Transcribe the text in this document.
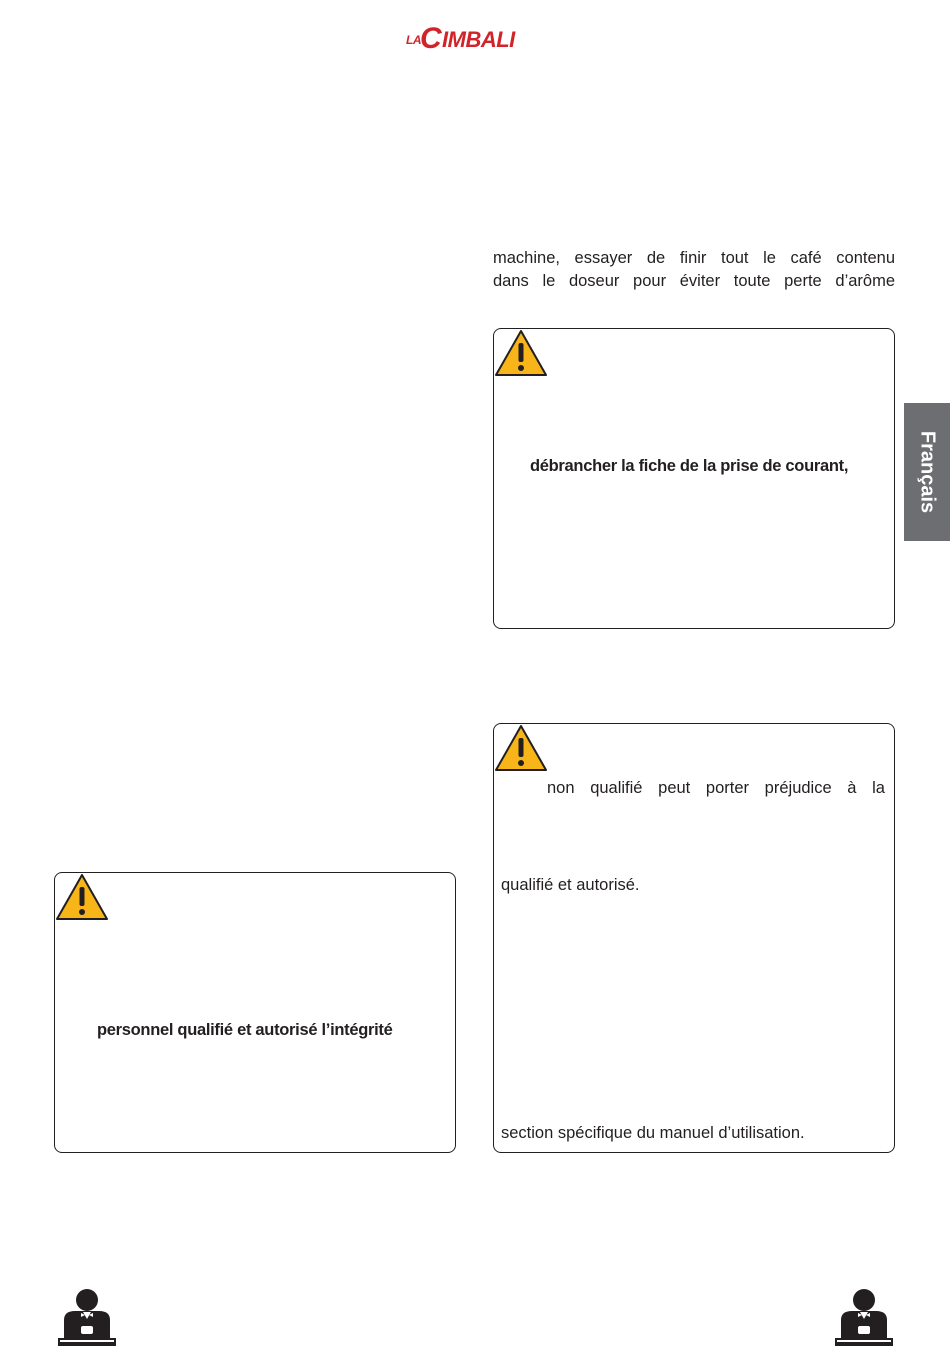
LA C IMBALI
Français
machine, essayer de finir tout le café contenu
dans le doseur pour éviter toute perte d’arôme
débrancher la fiche de la prise de courant,
non qualifié peut porter préjudice à la
qualifié et autorisé.
section spécifique du manuel d’utilisation.
personnel qualifié et autorisé l’intégrité
